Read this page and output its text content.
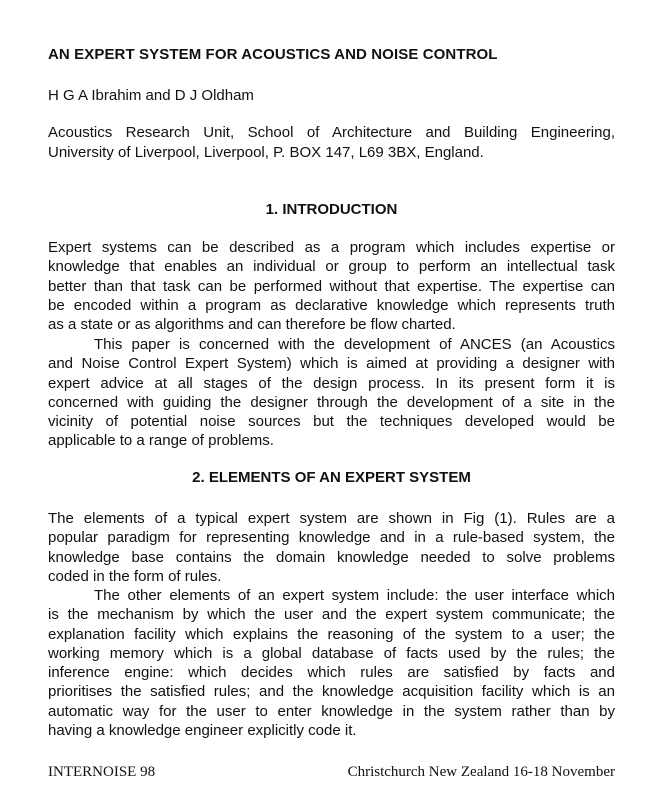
AN EXPERT SYSTEM FOR ACOUSTICS AND NOISE CONTROL
H G A Ibrahim and D J Oldham
Acoustics Research Unit, School of Architecture and Building Engineering,
University of Liverpool, Liverpool, P. BOX 147, L69 3BX, England.
1. INTRODUCTION
Expert systems can be described as a program which includes expertise or
knowledge that enables an individual or group to perform an intellectual task
better than that task can be performed without that expertise. The expertise can
be encoded within a program as declarative knowledge which represents truth
as a state or as algorithms and can therefore be flow charted.
This paper is concerned with the development of ANCES (an Acoustics
and Noise Control Expert System) which is aimed at providing a designer with
expert advice at all stages of the design process. In its present form it is
concerned with guiding the designer through the development of a site in the
vicinity of potential noise sources but the techniques developed would be
applicable to a range of problems.
2. ELEMENTS OF AN EXPERT SYSTEM
The elements of a typical expert system are shown in Fig (1). Rules are a
popular paradigm for representing knowledge and in a rule-based system, the
knowledge base contains the domain knowledge needed to solve problems
coded in the form of rules.
The other elements of an expert system include: the user interface which
is the mechanism by which the user and the expert system communicate; the
explanation facility which explains the reasoning of the system to a user; the
working memory which is a global database of facts used by the rules; the
inference engine: which decides which rules are satisfied by facts and
prioritises the satisfied rules; and the knowledge acquisition facility which is an
automatic way for the user to enter knowledge in the system rather than by
having a knowledge engineer explicitly code it.
INTERNOISE 98	Christchurch New Zealand 16-18 November
